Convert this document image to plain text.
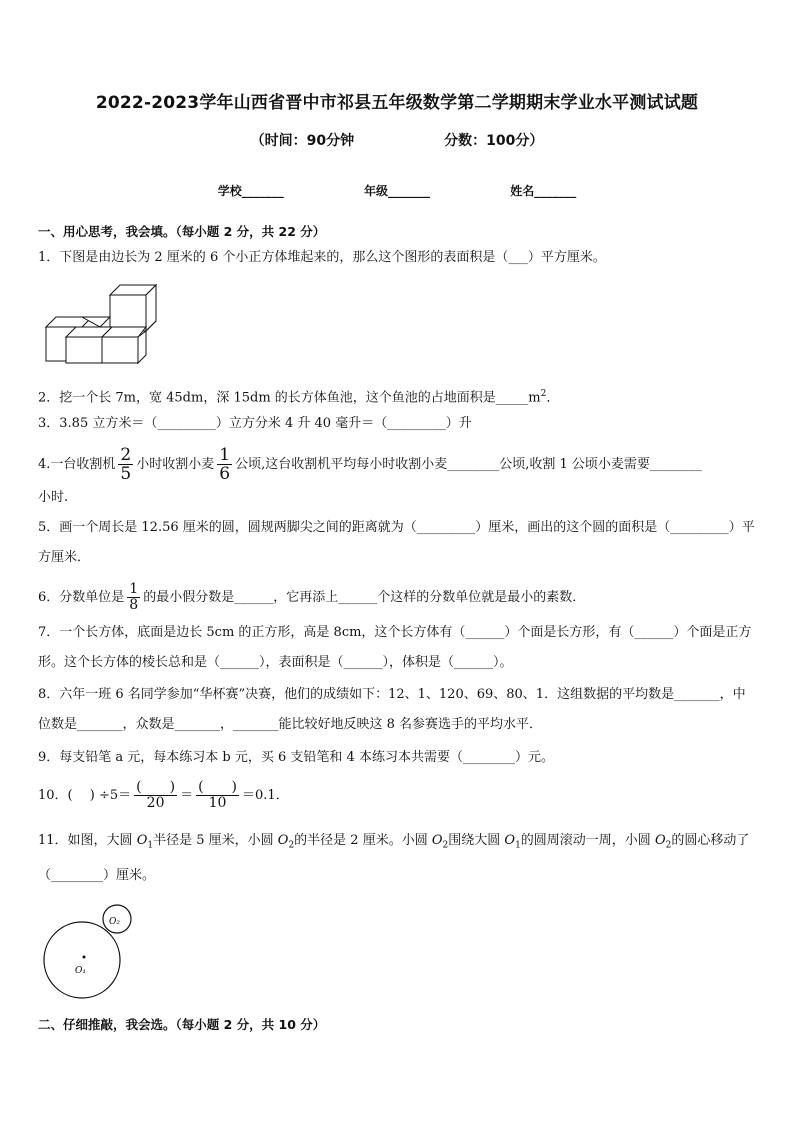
2022-2023学年山西省晋中市祁县五年级数学第二学期期末学业水平测试试题
（时间：90分钟	分数：100分）
学校_______	年级_______	姓名_______
一、用心思考，我会填。（每小题 2 分，共 22 分）
1．下图是由边长为 2 厘米的 6 个小正方体堆起来的，那么这个图形的表面积是（___）平方厘米。
2．挖一个长 7m，宽 45dm，深 15dm 的长方体鱼池，这个鱼池的占地面积是$\_\_\_\_\_m^2$．
3．3.85 立方米＝（_________）立方分米 4 升 40 毫升＝（_________）升
4.一台收割机 $\frac{2}{5}$ 小时收割小麦 $\frac{1}{6}$ 公顷,这台收割机平均每小时收割小麦________公顷,收割 1 公顷小麦需要________
小时.
5．画一个周长是 12.56 厘米的圆，圆规两脚尖之间的距离就为（_________）厘米，画出的这个圆的面积是（_________）平方厘米．
6．分数单位是 $\frac{1}{8}$ 的最小假分数是______，它再添上______个这样的分数单位就是最小的素数．
7．一个长方体，底面是边长 5cm 的正方形，高是 8cm，这个长方体有（______）个面是长方形，有（______）个面是正方形。这个长方体的棱长总和是（______），表面积是（______），体积是（______）。
8．六年一班 6 名同学参加“华杯赛”决赛，他们的成绩如下：12、1、120、69、80、1．这组数据的平均数是_______，中位数是_______，众数是_______，_______能比较好地反映这 8 名参赛选手的平均水平．
9．每支铅笔 a 元，每本练习本 b 元，买 6 支铅笔和 4 本练习本共需要（________）元。
10．(　 ) $\div 5= \frac{( )}{20} = \frac{( )}{10} =0.1$．
11．如图，大圆 $O_1$半径是 5 厘米，小圆 $O_2$的半径是 2 厘米。小圆 $O_2$围绕大圆 $O_1$的圆周滚动一周，小圆 $O_2$的圆心移动了（________）厘米。
O₁
O₂
二、仔细推敲，我会选。（每小题 2 分，共 10 分）
